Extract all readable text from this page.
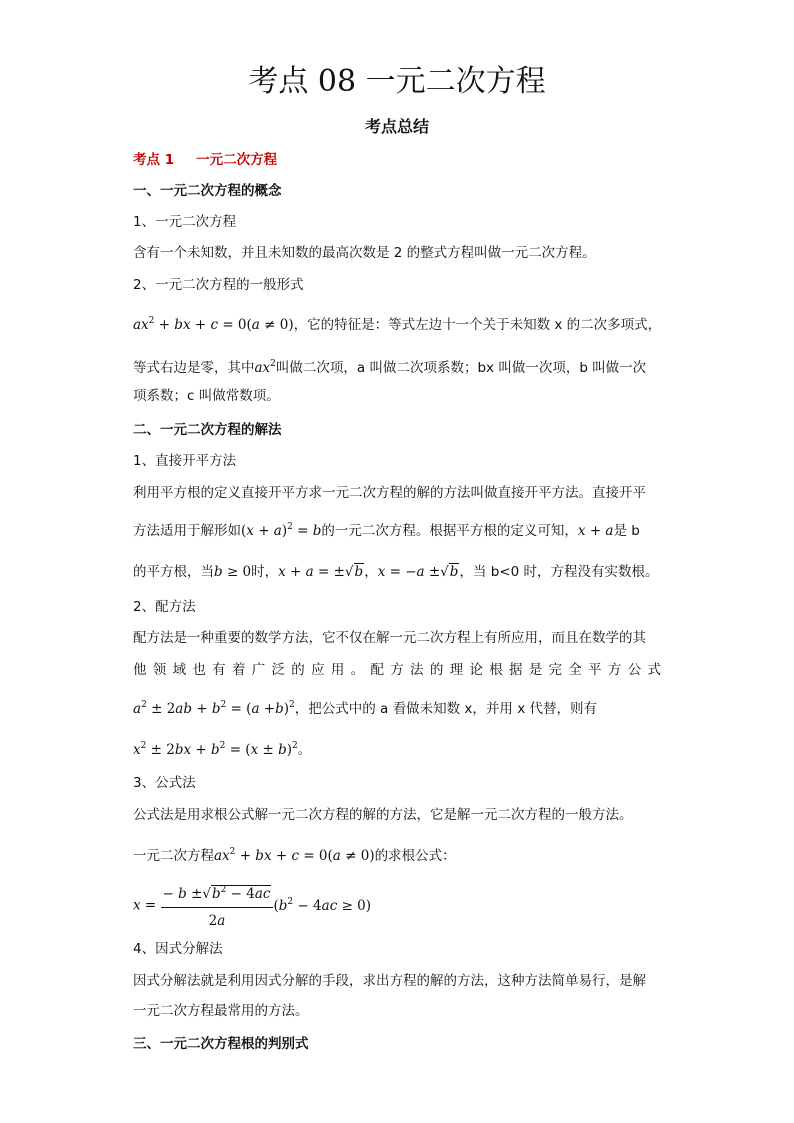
考点 08 一元二次方程
考点总结
考点 1 一元二次方程
一、一元二次方程的概念
1、一元二次方程
含有一个未知数，并且未知数的最高次数是 2 的整式方程叫做一元二次方程。
2、一元二次方程的一般形式
$ax^2$ + bx + c = 0(a ≠ 0)，它的特征是：等式左边十一个关于未知数 x 的二次多项式，
等式右边是零，其中$ax^2$叫做二次项，a 叫做二次项系数；bx 叫做一次项，b 叫做一次
项系数；c 叫做常数项。
二、一元二次方程的解法
1、直接开平方法
利用平方根的定义直接开平方求一元二次方程的解的方法叫做直接开平方法。直接开平
方法适用于解形如$(x + a)^2 = b$的一元二次方程。根据平方根的定义可知，x + a是 b
的平方根，当b ≥ 0时，x + a = ±√b，x = −a ±√b，当 b<0 时，方程没有实数根。
2、配方法
配方法是一种重要的数学方法，它不仅在解一元二次方程上有所应用，而且在数学的其
他领域也有着广泛的应用。配方法的理论根据是完全平方公式
$a^2 \pm 2ab + b^2 = (a +b)^2$，把公式中的 a 看做未知数 x，并用 x 代替，则有
$x^2 \pm 2bx + b^2 = (x \pm b)^2$。
3、公式法
公式法是用求根公式解一元二次方程的解的方法，它是解一元二次方程的一般方法。
一元二次方程$ax^2$ + bx + c = 0(a ≠ 0)的求根公式：
$x = \frac{- b \pm√b^2 - 4ac}{2a} (b^2 - 4ac \ge 0)$
4、因式分解法
因式分解法就是利用因式分解的手段，求出方程的解的方法，这种方法简单易行，是解
一元二次方程最常用的方法。
三、一元二次方程根的判别式
